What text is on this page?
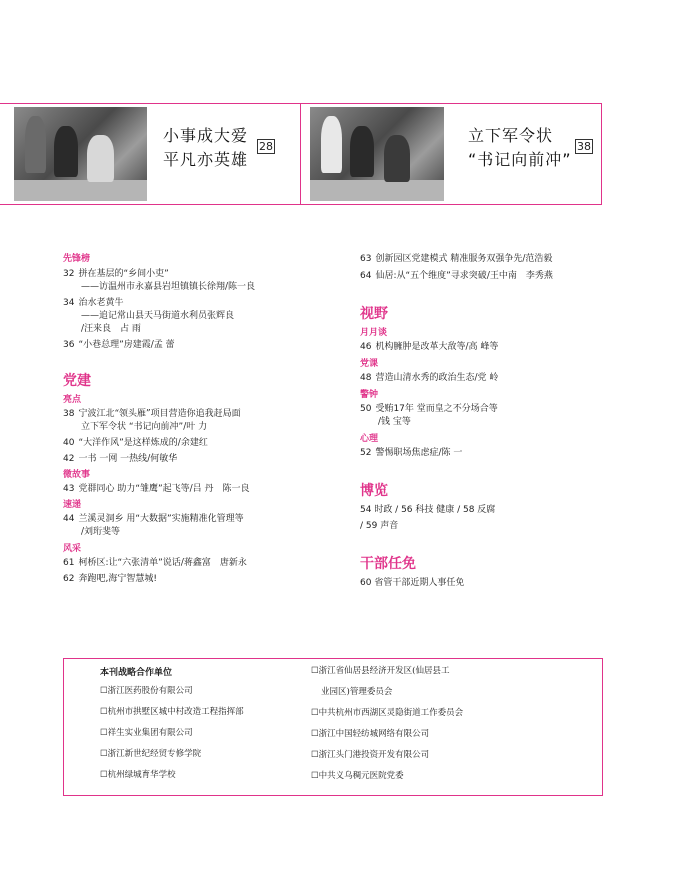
小事成大爱
平凡亦英雄
28
立下军令状
“书记向前冲”
38
先锋榜
32 拼在基层的“乡间小吏”
——访温州市永嘉县岩坦镇镇长徐翔/陈一良
34 治水老黄牛
——追记常山县天马街道水利员张辉良
/汪来良　占 雨
36 “小巷总理”房建霞/孟 蕾
党建
亮点
38 宁波江北“领头雁”项目营造你追我赶局面
立下军令状 “书记向前冲”/叶 力
40 “大洋作风”是这样炼成的/余建红
42 一书 一网 一热线/何敏华
微故事
43 党群同心 助力“雏鹰”起飞等/吕 丹　陈一良
速递
44 兰溪灵洞乡 用“大数据”实施精准化管理等
/刘珩斐等
风采
61 柯桥区:让“六张清单”说话/蒋鑫富　唐新永
62 奔跑吧,海宁智慧城!
63 创新园区党建模式 精准服务双强争先/范浩毅
64 仙居:从“五个维度”寻求突破/王中南　李秀燕
视野
月月谈
46 机构臃肿是改革大敌等/高 峰等
党课
48 营造山清水秀的政治生态/党 岭
警钟
50 受贿17年 堂而皇之不分场合等
/钱 宝等
心理
52 警惕职场焦虑症/陈 一
博览
54 时政 / 56 科技 健康 / 58 反腐
/ 59 声音
干部任免
60 省管干部近期人事任免
本刊战略合作单位
☐浙江医药股份有限公司
☐杭州市拱墅区城中村改造工程指挥部
☐祥生实业集团有限公司
☐浙江新世纪经贸专修学院
☐杭州绿城育华学校
☐浙江省仙居县经济开发区(仙居县工
业园区)管理委员会
☐中共杭州市西湖区灵隐街道工作委员会
☐浙江中国轻纺城网络有限公司
☐浙江头门港投资开发有限公司
☐中共义乌稠元医院党委
